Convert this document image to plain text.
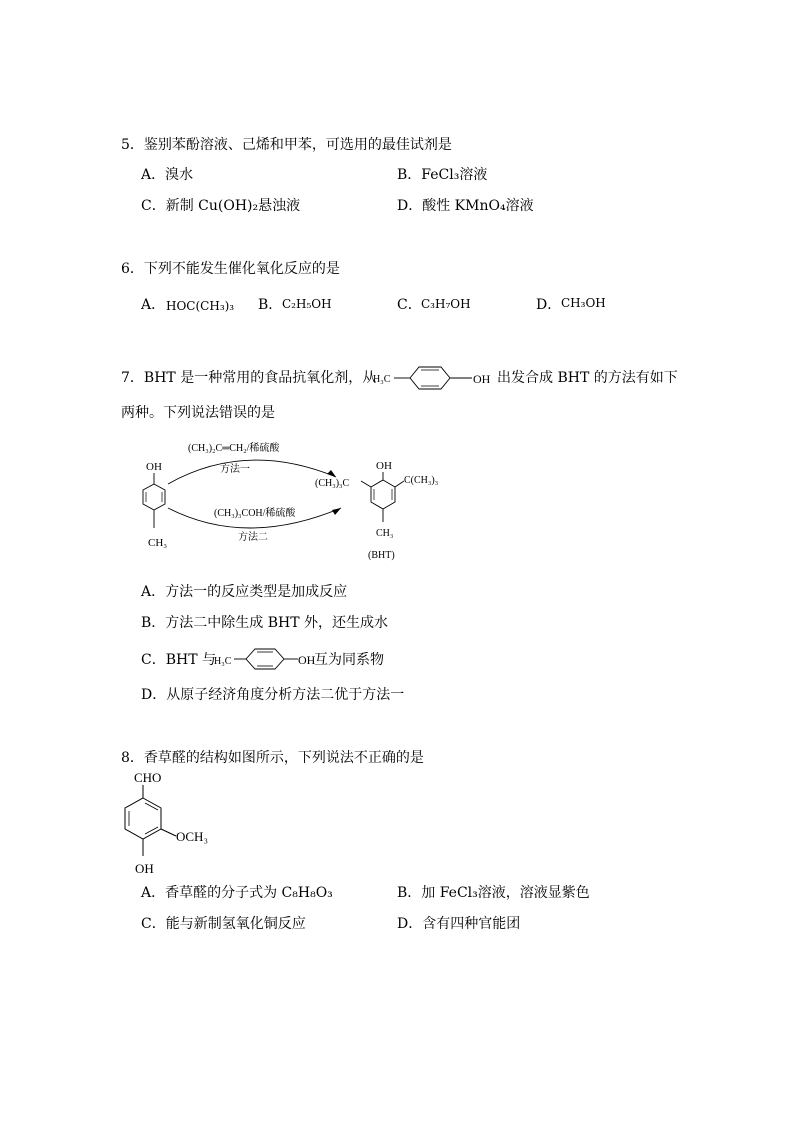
5．鉴别苯酚溶液、己烯和甲苯，可选用的最佳试剂是
A．溴水	B．FeCl₃溶液
C．新制 Cu(OH)₂悬浊液	D．酸性 KMnO₄溶液
6．下列不能发生催化氧化反应的是
A． HOC(CH₃)₃ B． C₂H₅OH	C． C₃H₇OH	D． CH₃OH
7．BHT 是一种常用的食品抗氧化剂，从
H₃C	OH 出发合成 BHT 的方法有如下
两种。下列说法错误的是
OH
CH₃
(CH₃)₂C═CH₂/稀硫酸
方法一
(CH₃)₃COH/稀硫酸
方法二
OH
(CH₃)₃C	C(CH₃)₃
CH₃
(BHT)
A．方法一的反应类型是加成反应
B．方法二中除生成 BHT 外，还生成水
C．BHT 与
H₃C	OH
互为同系物
D．从原子经济角度分析方法二优于方法一
8．香草醛的结构如图所示，下列说法不正确的是
CHO
OCH₃
OH
A．香草醛的分子式为 C₈H₈O₃	B．加 FeCl₃溶液，溶液显紫色
C．能与新制氢氧化铜反应	D．含有四种官能团
